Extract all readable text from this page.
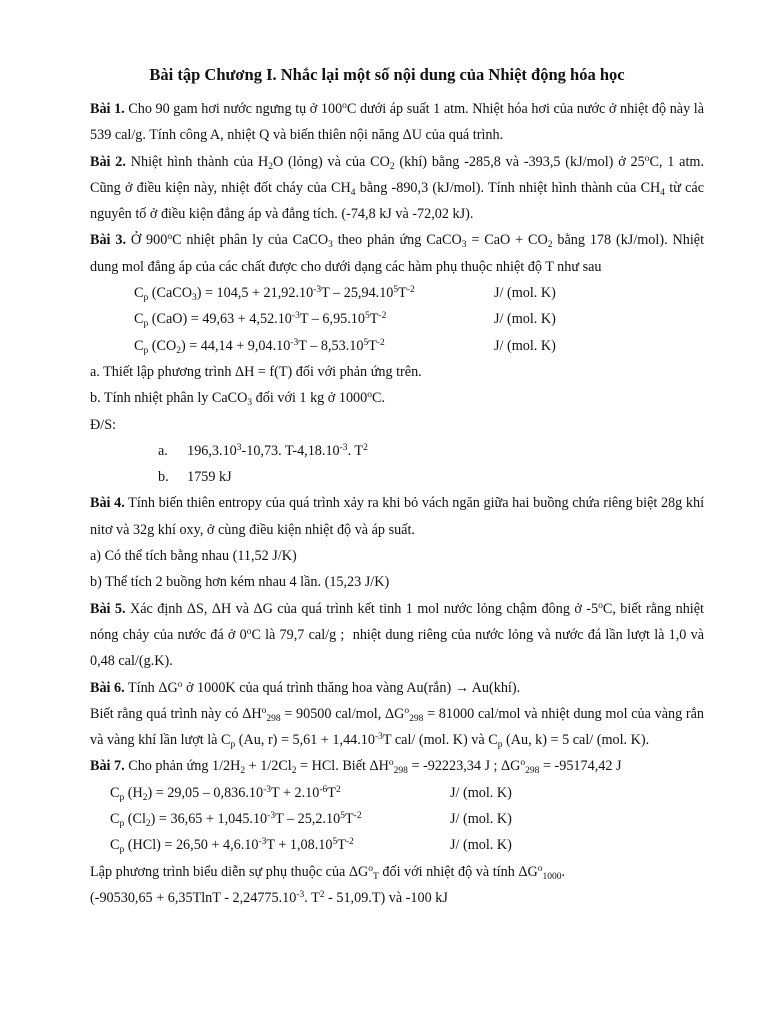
Bài tập Chương I. Nhắc lại một số nội dung của Nhiệt động hóa học

Bài 1. Cho 90 gam hơi nước ngưng tụ ở 100$^o$C dưới áp suất 1 atm. Nhiệt hóa hơi của nước ở nhiệt độ này là 539 cal/g. Tính công A, nhiệt Q và biến thiên nội năng ΔU của quá trình.

Bài 2. Nhiệt hình thành của $H_2O$ (lỏng) và của $CO_2$ (khí) bằng -285,8 và -393,5 (kJ/mol) ở 25$^o$C, 1 atm. Cũng ở điều kiện này, nhiệt đốt cháy của $CH_4$ bằng -890,3 (kJ/mol). Tính nhiệt hình thành của $CH_4$ từ các nguyên tố ở điều kiện đẳng áp và đẳng tích. (-74,8 kJ và -72,02 kJ).

Bài 3. Ở 900$^o$C nhiệt phân ly của CaCO$_3$ theo phản ứng CaCO$_3$ = CaO + $CO_2$ bằng 178 (kJ/mol). Nhiệt dung mol đẳng áp của các chất được cho dưới dạng các hàm phụ thuộc nhiệt độ T như sau

$C_p$ (CaCO$_3$) = $104,5 + 21,92.10^{-3}T - 25,94.10^5T^{-2}$	J/ (mol. K)
$C_p$ $(CaO) = 49,63 + 4,52.10^{-3}T - 6,95.10^5T^{-2}$	J/ (mol. K)
$C_p$ $(CO_2) = 44,14 + 9,04.10^{-3}T - 8,53.10^5T^{-2}$	J/ (mol. K)

a. Thiết lập phương trình ΔH = f(T) đối với phản ứng trên.

b. Tính nhiệt phân ly CaCO$_3$ đối với 1 kg ở 1000$^o$C.

Đ/S:

a. 196,3.10$^3$-10,73. $T-4,18.10^{-3}$. $T^2$
b.	1759 kJ

Bài 4. Tính biến thiên entropy của quá trình xảy ra khi bỏ vách ngăn giữa hai buồng chứa riêng biệt 28g khí nitơ và 32g khí oxy, ở cùng điều kiện nhiệt độ và áp suất.

a) Có thể tích bằng nhau (11,52 J/K)

b) Thể tích 2 buồng hơn kém nhau 4 lần. (15,23 J/K)

Bài 5. Xác định ΔS, ΔH và ΔG của quá trình kết tinh 1 mol nước lỏng chậm đông ở -5$^o$C, biết rằng nhiệt nóng chảy của nước đá ở 0$^o$C là 79,7 cal/g ;  nhiệt dung riêng của nước lỏng và nước đá lần lượt là 1,0 và 0,48 cal/(g.K).

Bài 6. Tính $\Delta G^o$ ở 1000K của quá trình thăng hoa vàng Au(rắn) → Au(khí).

Biết rằng quá trình này có $\Delta H^o_{298} = 90500$ cal/mol, $\Delta G^o_{298} = 81000$ cal/mol và nhiệt dung mol của vàng rắn và vàng khí lần lượt là $C_p$ (Au, $r) = 5,61 + 1,44.10^{-3}T$ cal/ (mol. K) và $C_p$ (Au, k) = 5 cal/ (mol. K).

Bài 7. Cho phản ứng $1/2H_2 + 1/2Cl_2$ = HCl. Biết $\Delta H^o_{298} = -92223,34$ J ; $\Delta G^o_{298} = -95174,42$ J

$C_p$ $(H_2) = 29,05 - 0,836.10^{-3}T + 2.10^{-6}T^2$	J/ (mol. K)
$C_p$ $(Cl_2) = 36,65 + 1,045.10^{-3}T - 25,2.10^5T^{-2}$	J/ (mol. K)
$C_p$ $(HCl) = 26,50 + 4,6.10^{-3}T + 1,08.10^5T^{-2}$	J/ (mol. K)

Lập phương trình biểu diễn sự phụ thuộc của $\Delta G^o_T$ đối với nhiệt độ và tính $\Delta G^o_{1000}$.

($-90530,65 + 6,35TlnT - 2,24775.10^{-3}$. $T^2 - 51,09.T$) và -100 kJ
